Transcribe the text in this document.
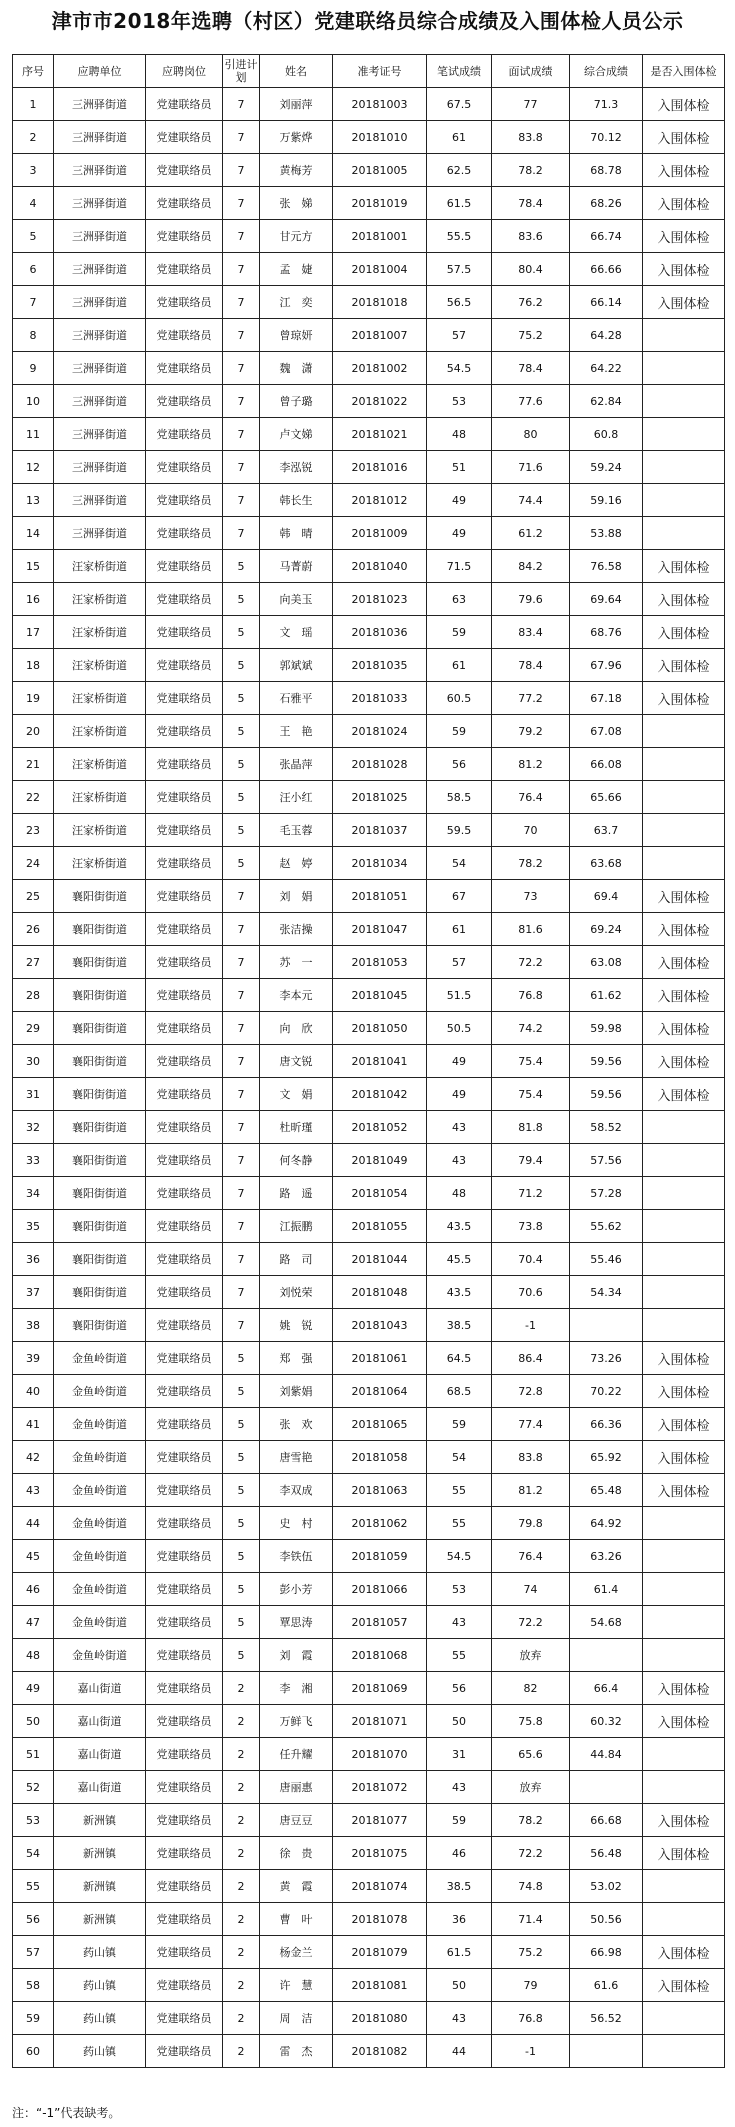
津市市2018年选聘（村区）党建联络员综合成绩及入围体检人员公示
序号	应聘单位	应聘岗位	引进计划	姓名	准考证号	笔试成绩	面试成绩	综合成绩	是否入围体检
1	三洲驿街道	党建联络员	7	刘丽萍	20181003	67.5	77	71.3	入围体检
2	三洲驿街道	党建联络员	7	万紫烨	20181010	61	83.8	70.12	入围体检
3	三洲驿街道	党建联络员	7	黄梅芳	20181005	62.5	78.2	68.78	入围体检
4	三洲驿街道	党建联络员	7	张　娣	20181019	61.5	78.4	68.26	入围体检
5	三洲驿街道	党建联络员	7	甘元方	20181001	55.5	83.6	66.74	入围体检
6	三洲驿街道	党建联络员	7	孟　婕	20181004	57.5	80.4	66.66	入围体检
7	三洲驿街道	党建联络员	7	江　奕	20181018	56.5	76.2	66.14	入围体检
8	三洲驿街道	党建联络员	7	曾琼妍	20181007	57	75.2	64.28	
9	三洲驿街道	党建联络员	7	魏　潇	20181002	54.5	78.4	64.22	
10	三洲驿街道	党建联络员	7	曾子璐	20181022	53	77.6	62.84	
11	三洲驿街道	党建联络员	7	卢文娣	20181021	48	80	60.8	
12	三洲驿街道	党建联络员	7	李泓锐	20181016	51	71.6	59.24	
13	三洲驿街道	党建联络员	7	韩长生	20181012	49	74.4	59.16	
14	三洲驿街道	党建联络员	7	韩　晴	20181009	49	61.2	53.88	
15	汪家桥街道	党建联络员	5	马菁蔚	20181040	71.5	84.2	76.58	入围体检
16	汪家桥街道	党建联络员	5	向美玉	20181023	63	79.6	69.64	入围体检
17	汪家桥街道	党建联络员	5	文　瑶	20181036	59	83.4	68.76	入围体检
18	汪家桥街道	党建联络员	5	郭斌斌	20181035	61	78.4	67.96	入围体检
19	汪家桥街道	党建联络员	5	石雅平	20181033	60.5	77.2	67.18	入围体检
20	汪家桥街道	党建联络员	5	王　艳	20181024	59	79.2	67.08	
21	汪家桥街道	党建联络员	5	张晶萍	20181028	56	81.2	66.08	
22	汪家桥街道	党建联络员	5	汪小红	20181025	58.5	76.4	65.66	
23	汪家桥街道	党建联络员	5	毛玉蓉	20181037	59.5	70	63.7	
24	汪家桥街道	党建联络员	5	赵　婷	20181034	54	78.2	63.68	
25	襄阳街街道	党建联络员	7	刘　娟	20181051	67	73	69.4	入围体检
26	襄阳街街道	党建联络员	7	张洁操	20181047	61	81.6	69.24	入围体检
27	襄阳街街道	党建联络员	7	苏　一	20181053	57	72.2	63.08	入围体检
28	襄阳街街道	党建联络员	7	李本元	20181045	51.5	76.8	61.62	入围体检
29	襄阳街街道	党建联络员	7	向　欣	20181050	50.5	74.2	59.98	入围体检
30	襄阳街街道	党建联络员	7	唐文锐	20181041	49	75.4	59.56	入围体检
31	襄阳街街道	党建联络员	7	文　娟	20181042	49	75.4	59.56	入围体检
32	襄阳街街道	党建联络员	7	杜昕瑾	20181052	43	81.8	58.52	
33	襄阳街街道	党建联络员	7	何冬静	20181049	43	79.4	57.56	
34	襄阳街街道	党建联络员	7	路　遥	20181054	48	71.2	57.28	
35	襄阳街街道	党建联络员	7	江振鹏	20181055	43.5	73.8	55.62	
36	襄阳街街道	党建联络员	7	路　司	20181044	45.5	70.4	55.46	
37	襄阳街街道	党建联络员	7	刘悦荣	20181048	43.5	70.6	54.34	
38	襄阳街街道	党建联络员	7	姚　锐	20181043	38.5	-1		
39	金鱼岭街道	党建联络员	5	郑　强	20181061	64.5	86.4	73.26	入围体检
40	金鱼岭街道	党建联络员	5	刘紫娟	20181064	68.5	72.8	70.22	入围体检
41	金鱼岭街道	党建联络员	5	张　欢	20181065	59	77.4	66.36	入围体检
42	金鱼岭街道	党建联络员	5	唐雪艳	20181058	54	83.8	65.92	入围体检
43	金鱼岭街道	党建联络员	5	李双成	20181063	55	81.2	65.48	入围体检
44	金鱼岭街道	党建联络员	5	史　村	20181062	55	79.8	64.92	
45	金鱼岭街道	党建联络员	5	李铁伍	20181059	54.5	76.4	63.26	
46	金鱼岭街道	党建联络员	5	彭小芳	20181066	53	74	61.4	
47	金鱼岭街道	党建联络员	5	覃思涛	20181057	43	72.2	54.68	
48	金鱼岭街道	党建联络员	5	刘　霞	20181068	55	放弃		
49	嘉山街道	党建联络员	2	李　湘	20181069	56	82	66.4	入围体检
50	嘉山街道	党建联络员	2	万鲜飞	20181071	50	75.8	60.32	入围体检
51	嘉山街道	党建联络员	2	任升耀	20181070	31	65.6	44.84	
52	嘉山街道	党建联络员	2	唐丽惠	20181072	43	放弃		
53	新洲镇	党建联络员	2	唐豆豆	20181077	59	78.2	66.68	入围体检
54	新洲镇	党建联络员	2	徐　贵	20181075	46	72.2	56.48	入围体检
55	新洲镇	党建联络员	2	黄　霞	20181074	38.5	74.8	53.02	
56	新洲镇	党建联络员	2	曹　叶	20181078	36	71.4	50.56	
57	药山镇	党建联络员	2	杨金兰	20181079	61.5	75.2	66.98	入围体检
58	药山镇	党建联络员	2	许　慧	20181081	50	79	61.6	入围体检
59	药山镇	党建联络员	2	周　洁	20181080	43	76.8	56.52	
60	药山镇	党建联络员	2	雷　杰	20181082	44	-1		
注：“-1”代表缺考。
